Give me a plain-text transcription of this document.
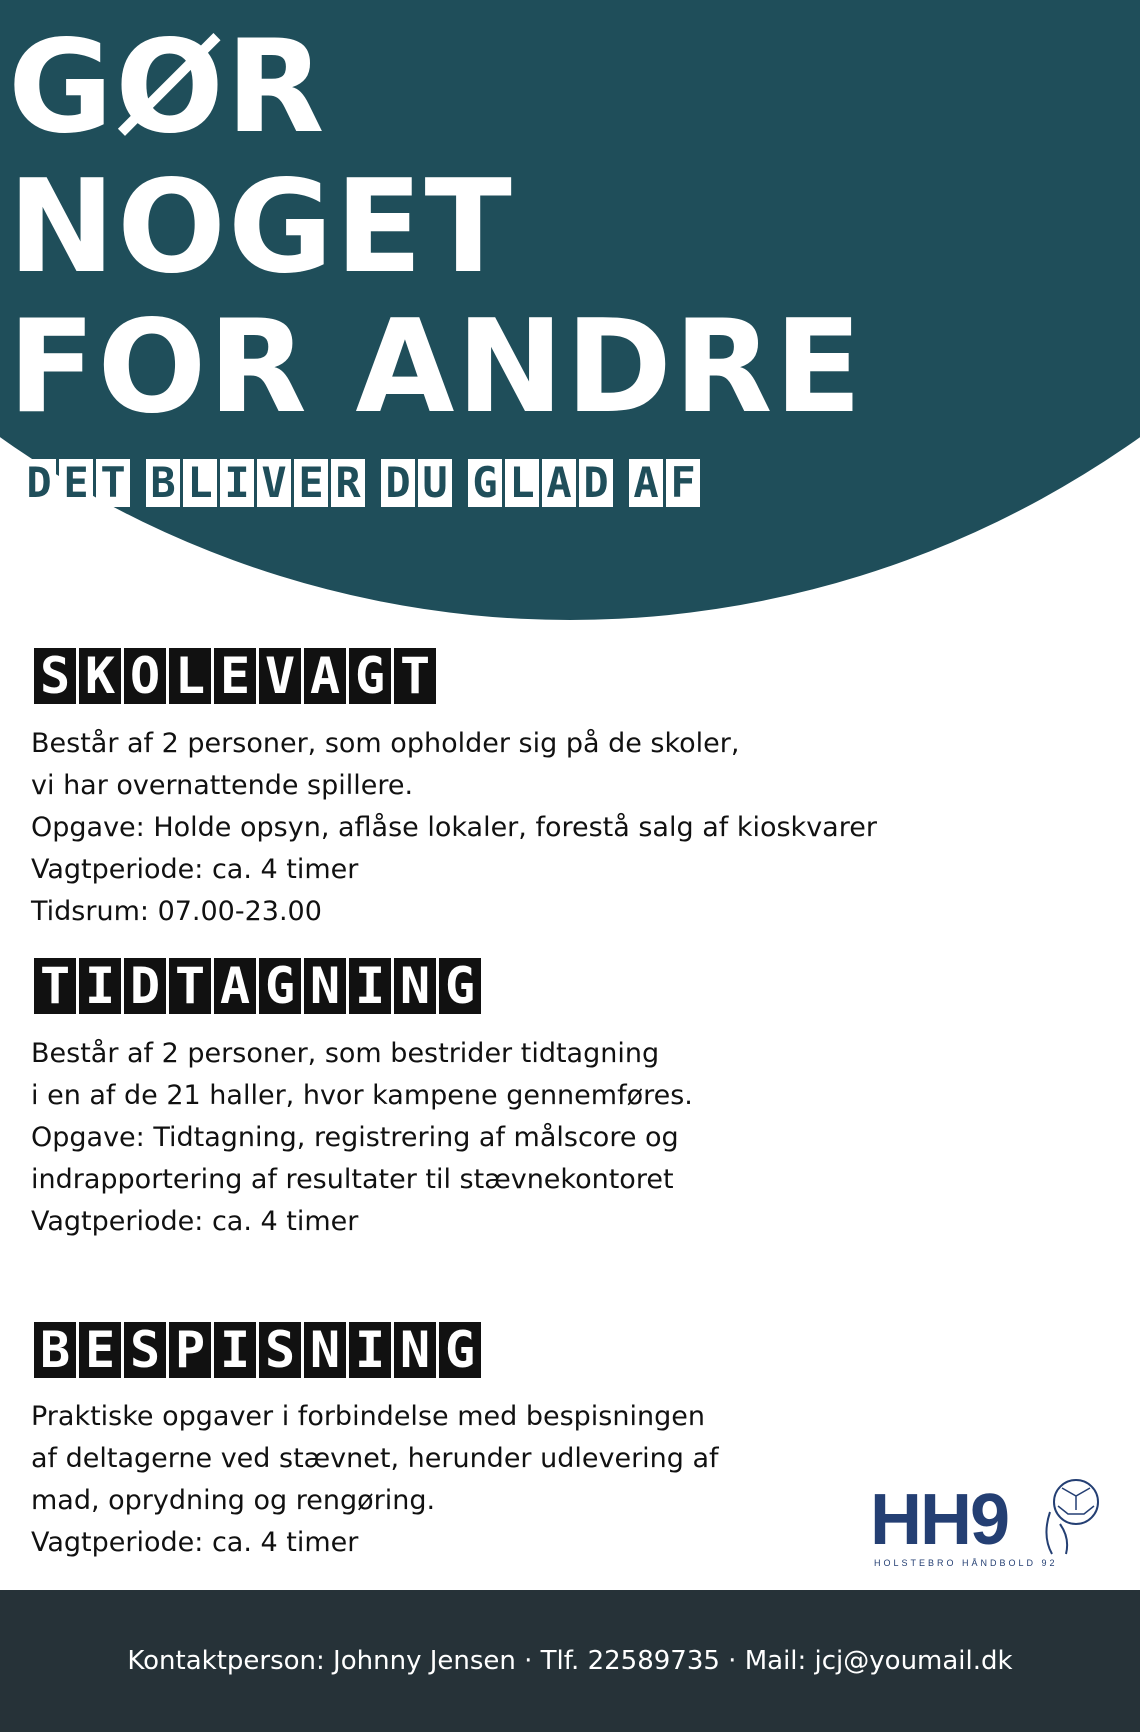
GØR
NOGET
FOR ANDRE
D E T B L I V E R D U G L A D A F
S K O L E V A G T
Består af 2 personer, som opholder sig på de skoler,
vi har overnattende spillere.
Opgave: Holde opsyn, aflåse lokaler, forestå salg af kioskvarer
Vagtperiode: ca. 4 timer
Tidsrum: 07.00-23.00
T I D T A G N I N G
Består af 2 personer, som bestrider tidtagning
i en af de 21 haller, hvor kampene gennemføres.
Opgave: Tidtagning, registrering af målscore og
indrapportering af resultater til stævnekontoret
Vagtperiode: ca. 4 timer
B E S P I S N I N G
Praktiske opgaver i forbindelse med bespisningen
af deltagerne ved stævnet, herunder udlevering af
mad, oprydning og rengøring.
Vagtperiode: ca. 4 timer	HH9
HOLSTEBRO HÅNDBOLD 92
Kontaktperson: Johnny Jensen · Tlf. 22589735 · Mail: jcj@youmail.dk
